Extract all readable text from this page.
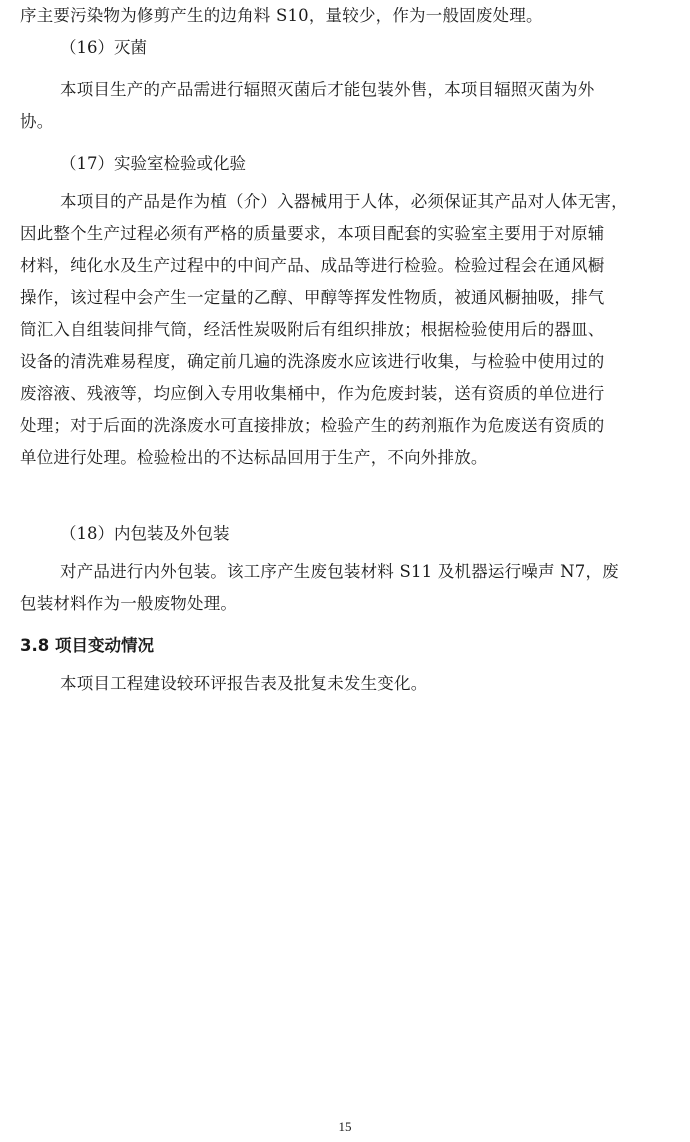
序主要污染物为修剪产生的边角料 S10，量较少，作为一般固废处理。

（16）灭菌

本项目生产的产品需进行辐照灭菌后才能包装外售，本项目辐照灭菌为外
协。

（17）实验室检验或化验

本项目的产品是作为植（介）入器械用于人体，必须保证其产品对人体无害，
因此整个生产过程必须有严格的质量要求，本项目配套的实验室主要用于对原辅
材料，纯化水及生产过程中的中间产品、成品等进行检验。检验过程会在通风橱
操作，该过程中会产生一定量的乙醇、甲醇等挥发性物质，被通风橱抽吸，排气
筒汇入自组装间排气筒，经活性炭吸附后有组织排放；根据检验使用后的器皿、
设备的清洗难易程度，确定前几遍的洗涤废水应该进行收集，与检验中使用过的
废溶液、残液等，均应倒入专用收集桶中，作为危废封装，送有资质的单位进行
处理；对于后面的洗涤废水可直接排放；检验产生的药剂瓶作为危废送有资质的
单位进行处理。检验检出的不达标品回用于生产，不向外排放。

（18）内包装及外包装

对产品进行内外包装。该工序产生废包装材料 S11 及机器运行噪声 N7，废
包装材料作为一般废物处理。

3.8 项目变动情况

本项目工程建设较环评报告表及批复未发生变化。

15
